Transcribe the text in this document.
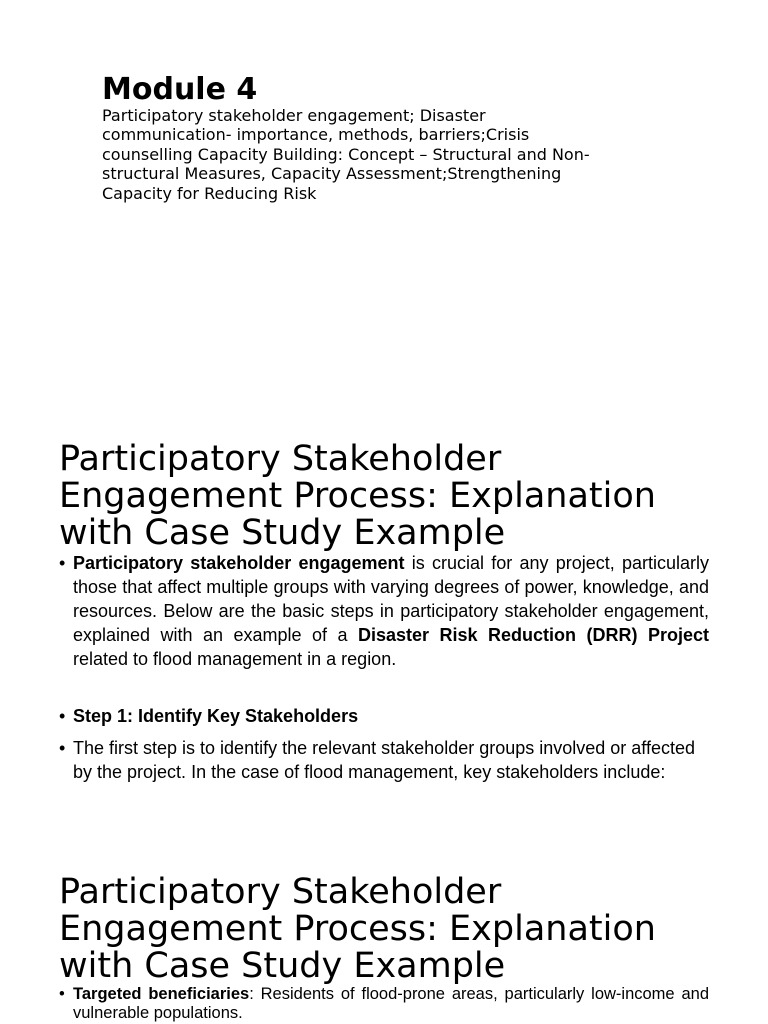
Module 4
Participatory stakeholder engagement; Disaster
communication- importance, methods, barriers;Crisis
counselling Capacity Building: Concept – Structural and Non-
structural Measures, Capacity Assessment;Strengthening
Capacity for Reducing Risk
Participatory Stakeholder
Engagement Process: Explanation
with Case Study Example
• Participatory stakeholder engagement is crucial for any project, particularly those that affect multiple groups with varying degrees of power, knowledge, and resources. Below are the basic steps in participatory stakeholder engagement, explained with an example of a Disaster Risk Reduction (DRR) Project related to flood management in a region.
• Step 1: Identify Key Stakeholders
• The first step is to identify the relevant stakeholder groups involved or affected by the project. In the case of flood management, key stakeholders include:
Participatory Stakeholder
Engagement Process: Explanation
with Case Study Example
• Targeted beneficiaries: Residents of flood-prone areas, particularly low-income and vulnerable populations.
